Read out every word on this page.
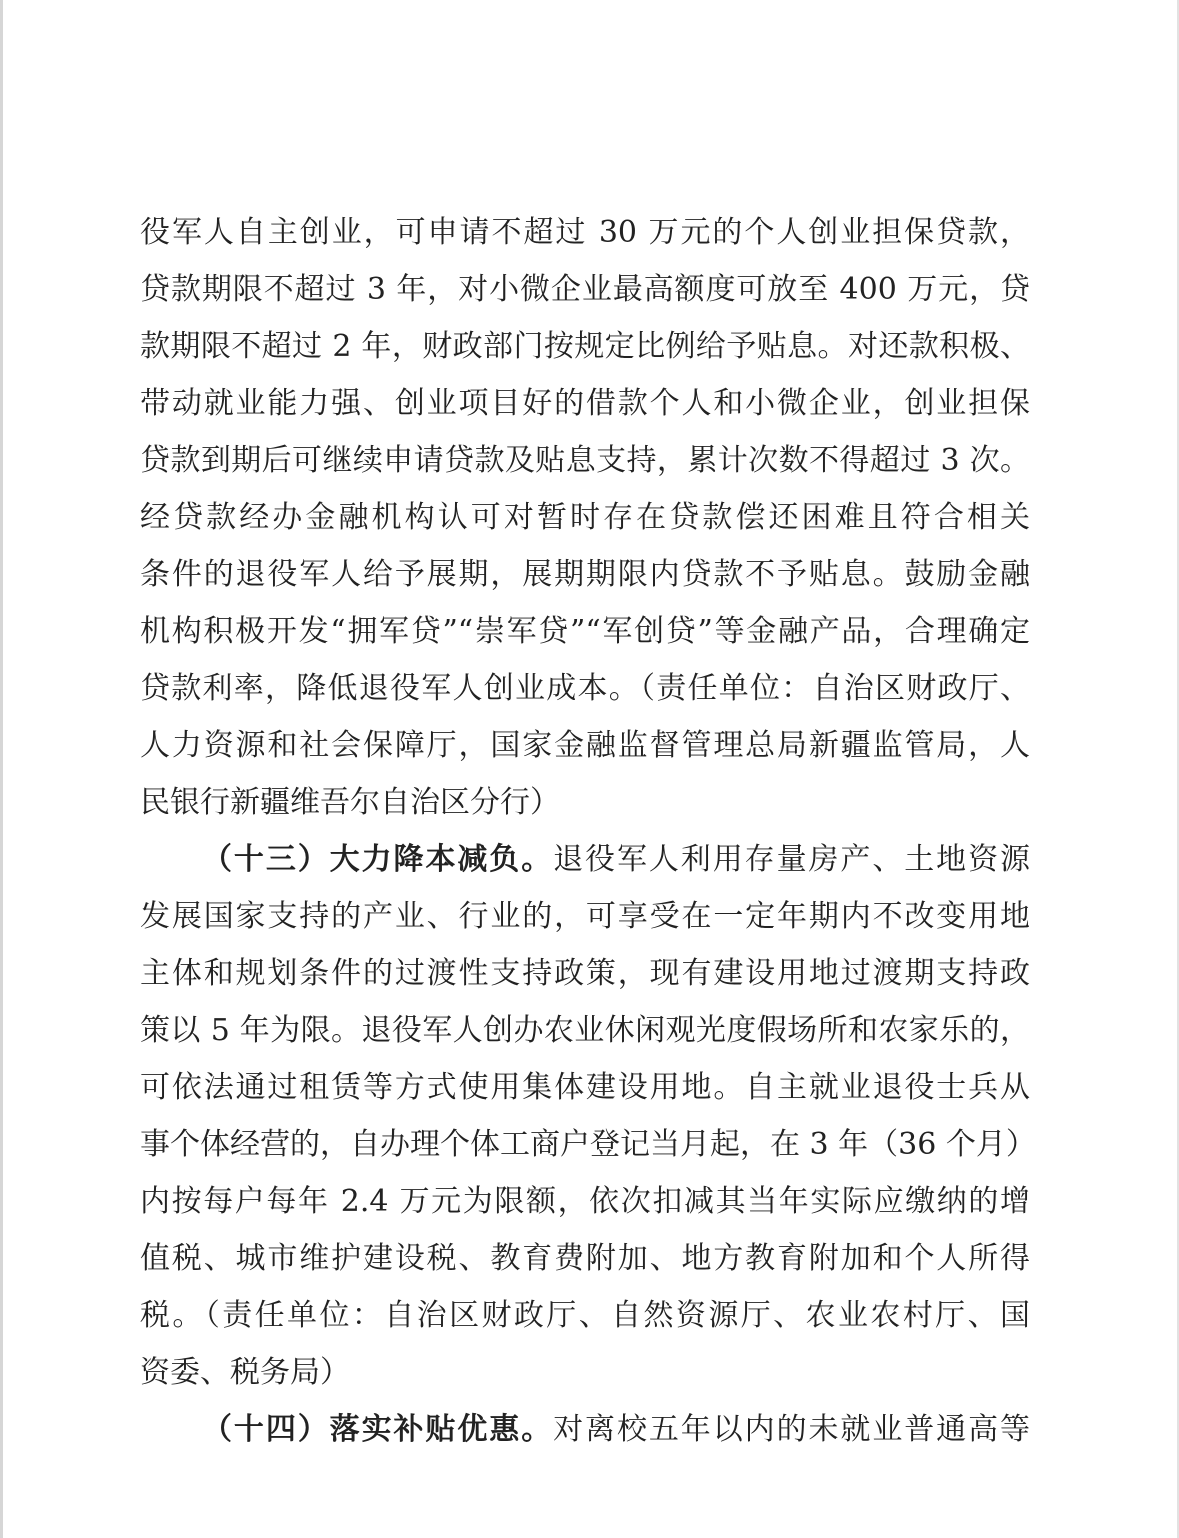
役军人自主创业，可申请不超过 30 万元的个人创业担保贷款，
贷款期限不超过 3 年，对小微企业最高额度可放至 400 万元，贷
款期限不超过 2 年，财政部门按规定比例给予贴息。对还款积极、
带动就业能力强、创业项目好的借款个人和小微企业，创业担保
贷款到期后可继续申请贷款及贴息支持，累计次数不得超过 3 次。
经贷款经办金融机构认可对暂时存在贷款偿还困难且符合相关
条件的退役军人给予展期，展期期限内贷款不予贴息。鼓励金融
机构积极开发“拥军贷”“崇军贷”“军创贷”等金融产品，合理确定
贷款利率，降低退役军人创业成本。（责任单位：自治区财政厅、
人力资源和社会保障厅，国家金融监督管理总局新疆监管局，人
民银行新疆维吾尔自治区分行）
（十三）大力降本减负。退役军人利用存量房产、土地资源
发展国家支持的产业、行业的，可享受在一定年期内不改变用地
主体和规划条件的过渡性支持政策，现有建设用地过渡期支持政
策以 5 年为限。退役军人创办农业休闲观光度假场所和农家乐的，
可依法通过租赁等方式使用集体建设用地。自主就业退役士兵从
事个体经营的，自办理个体工商户登记当月起，在 3 年（36 个月）
内按每户每年 2.4 万元为限额，依次扣减其当年实际应缴纳的增
值税、城市维护建设税、教育费附加、地方教育附加和个人所得
税。（责任单位：自治区财政厅、自然资源厅、农业农村厅、国
资委、税务局）
（十四）落实补贴优惠。对离校五年以内的未就业普通高等
